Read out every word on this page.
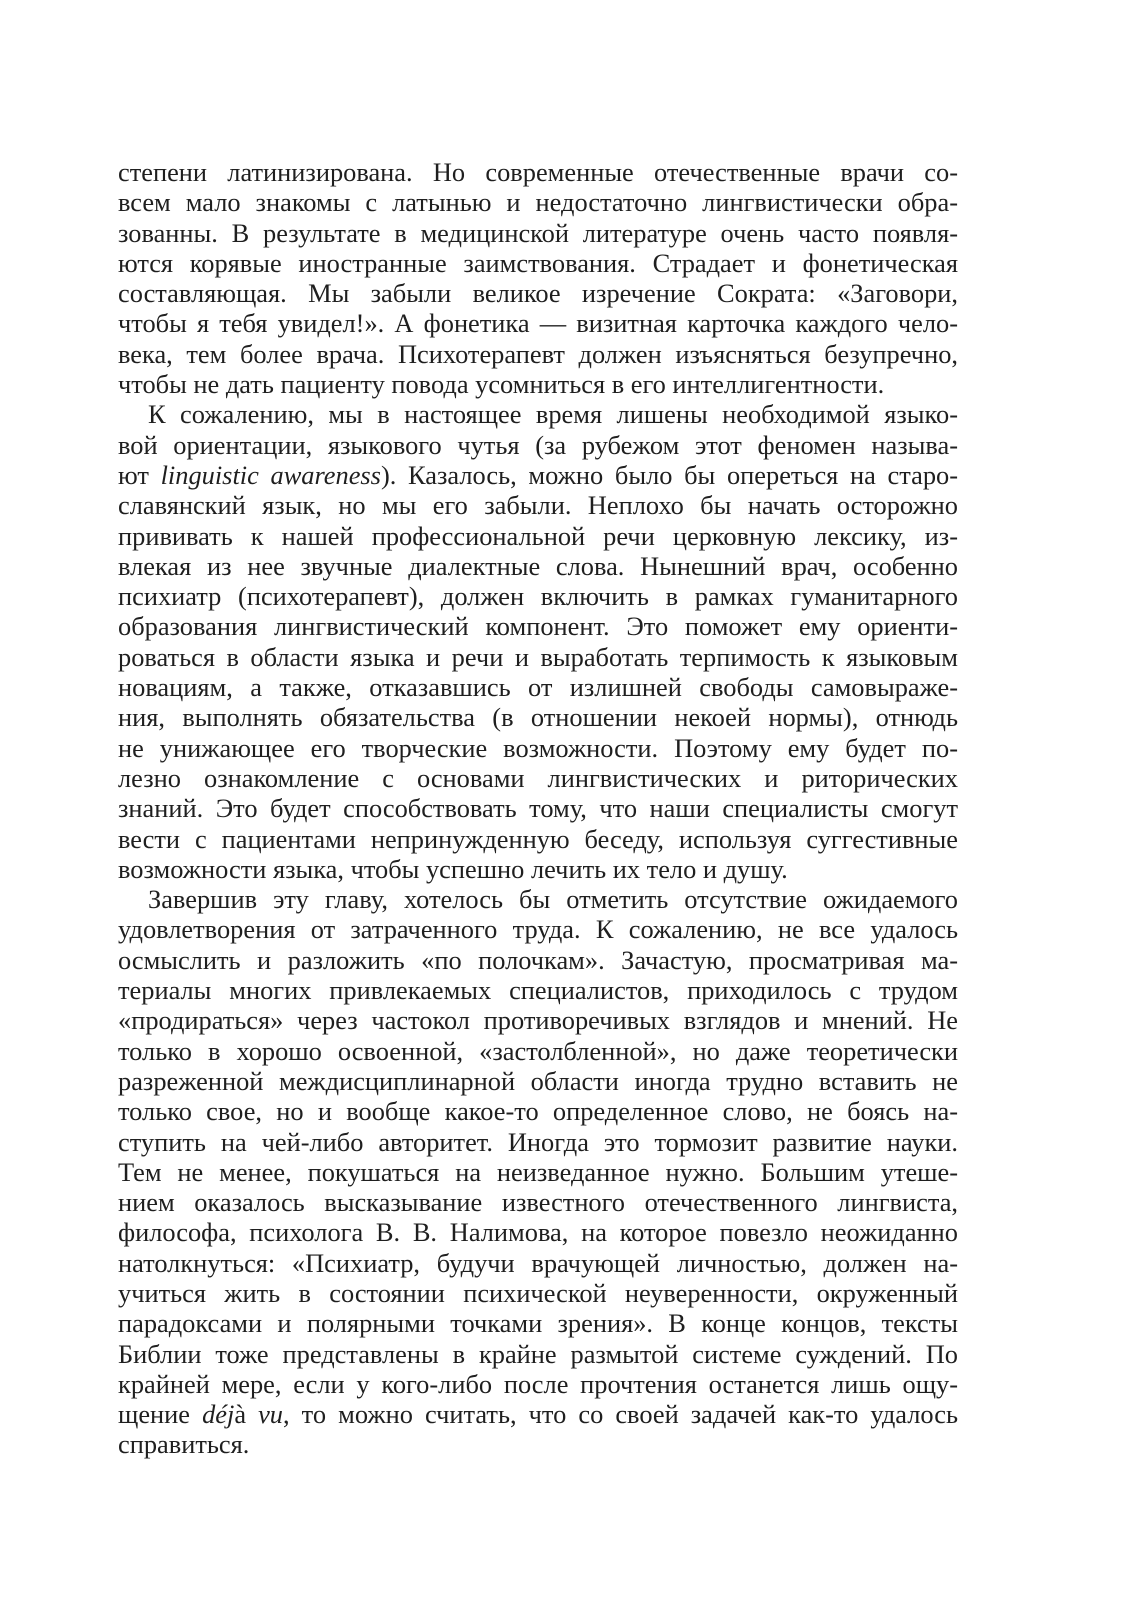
степени латинизирована. Но современные отечественные врачи со-
всем мало знакомы с латынью и недостаточно лингвистически обра-
зованны. В результате в медицинской литературе очень часто появля-
ются корявые иностранные заимствования. Страдает и фонетическая
составляющая. Мы забыли великое изречение Сократа: «Заговори,
чтобы я тебя увидел!». А фонетика — визитная карточка каждого чело-
века, тем более врача. Психотерапевт должен изъясняться безупречно,
чтобы не дать пациенту повода усомниться в его интеллигентности.
К сожалению, мы в настоящее время лишены необходимой языко-
вой ориентации, языкового чутья (за рубежом этот феномен называ-
ют linguistic awareness). Казалось, можно было бы опереться на старо-
славянский язык, но мы его забыли. Неплохо бы начать осторожно
прививать к нашей профессиональной речи церковную лексику, из-
влекая из нее звучные диалектные слова. Нынешний врач, особенно
психиатр (психотерапевт), должен включить в рамках гуманитарного
образования лингвистический компонент. Это поможет ему ориенти-
роваться в области языка и речи и выработать терпимость к языковым
новациям, а также, отказавшись от излишней свободы самовыраже-
ния, выполнять обязательства (в отношении некоей нормы), отнюдь
не унижающее его творческие возможности. Поэтому ему будет по-
лезно ознакомление с основами лингвистических и риторических
знаний. Это будет способствовать тому, что наши специалисты смогут
вести с пациентами непринужденную беседу, используя суггестивные
возможности языка, чтобы успешно лечить их тело и душу.
Завершив эту главу, хотелось бы отметить отсутствие ожидаемого
удовлетворения от затраченного труда. К сожалению, не все удалось
осмыслить и разложить «по полочкам». Зачастую, просматривая ма-
териалы многих привлекаемых специалистов, приходилось с трудом
«продираться» через частокол противоречивых взглядов и мнений. Не
только в хорошо освоенной, «застолбленной», но даже теоретически
разреженной междисциплинарной области иногда трудно вставить не
только свое, но и вообще какое-то определенное слово, не боясь на-
ступить на чей-либо авторитет. Иногда это тормозит развитие науки.
Тем не менее, покушаться на неизведанное нужно. Большим утеше-
нием оказалось высказывание известного отечественного лингвиста,
философа, психолога В. В. Налимова, на которое повезло неожиданно
натолкнуться: «Психиатр, будучи врачующей личностью, должен на-
учиться жить в состоянии психической неуверенности, окруженный
парадоксами и полярными точками зрения». В конце концов, тексты
Библии тоже представлены в крайне размытой системе суждений. По
крайней мере, если у кого-либо после прочтения останется лишь ощу-
щение déjà vu, то можно считать, что со своей задачей как-то удалось
справиться.
